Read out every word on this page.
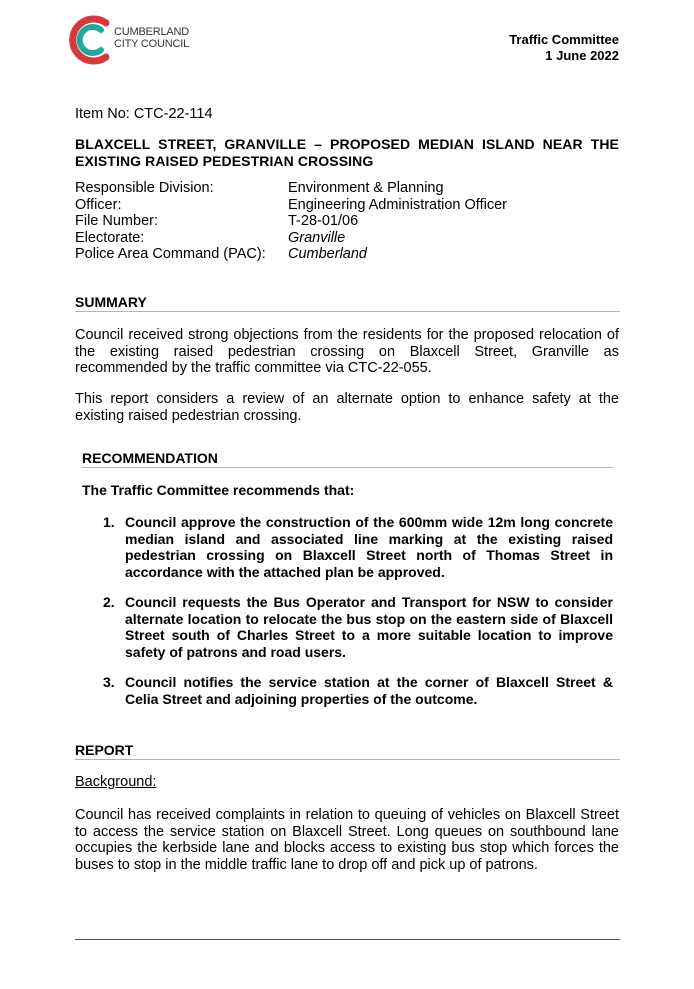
CUMBERLAND
CITY COUNCIL	Traffic Committee
1 June 2022
Item No: CTC-22-114
BLAXCELL STREET, GRANVILLE – PROPOSED MEDIAN ISLAND NEAR THE EXISTING RAISED PEDESTRIAN CROSSING
Responsible Division:	Environment & Planning
Officer:	Engineering Administration Officer
File Number:	T-28-01/06
Electorate:	Granville
Police Area Command (PAC):	Cumberland
SUMMARY
Council received strong objections from the residents for the proposed relocation of the existing raised pedestrian crossing on Blaxcell Street, Granville as recommended by the traffic committee via CTC-22-055.
This report considers a review of an alternate option to enhance safety at the existing raised pedestrian crossing.
RECOMMENDATION
The Traffic Committee recommends that:
1. Council approve the construction of the 600mm wide 12m long concrete median island and associated line marking at the existing raised pedestrian crossing on Blaxcell Street north of Thomas Street in accordance with the attached plan be approved.
2. Council requests the Bus Operator and Transport for NSW to consider alternate location to relocate the bus stop on the eastern side of Blaxcell Street south of Charles Street to a more suitable location to improve safety of patrons and road users.
3. Council notifies the service station at the corner of Blaxcell Street & Celia Street and adjoining properties of the outcome.
REPORT
Background:
Council has received complaints in relation to queuing of vehicles on Blaxcell Street to access the service station on Blaxcell Street. Long queues on southbound lane occupies the kerbside lane and blocks access to existing bus stop which forces the buses to stop in the middle traffic lane to drop off and pick up of patrons.
